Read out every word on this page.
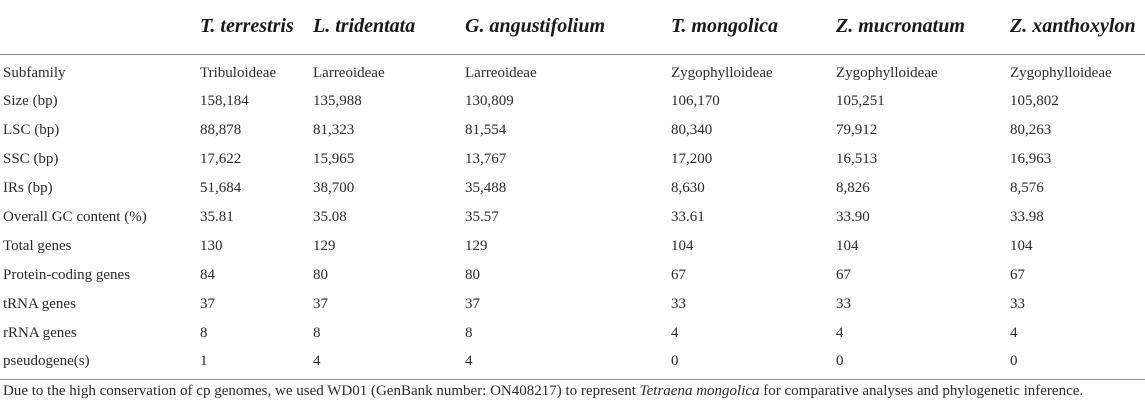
	T. terrestris	L. tridentata	G. angustifolium	T. mongolica	Z. mucronatum	Z. xanthoxylon
Subfamily	Tribuloideae	Larreoideae	Larreoideae	Zygophylloideae	Zygophylloideae	Zygophylloideae
Size (bp)	158,184	135,988	130,809	106,170	105,251	105,802
LSC (bp)	88,878	81,323	81,554	80,340	79,912	80,263
SSC (bp)	17,622	15,965	13,767	17,200	16,513	16,963
IRs (bp)	51,684	38,700	35,488	8,630	8,826	8,576
Overall GC content (%)	35.81	35.08	35.57	33.61	33.90	33.98
Total genes	130	129	129	104	104	104
Protein-coding genes	84	80	80	67	67	67
tRNA genes	37	37	37	33	33	33
rRNA genes	8	8	8	4	4	4
pseudogene(s)	1	4	4	0	0	0
Due to the high conservation of cp genomes, we used WD01 (GenBank number: ON408217) to represent Tetraena mongolica for comparative analyses and phylogenetic inference.
